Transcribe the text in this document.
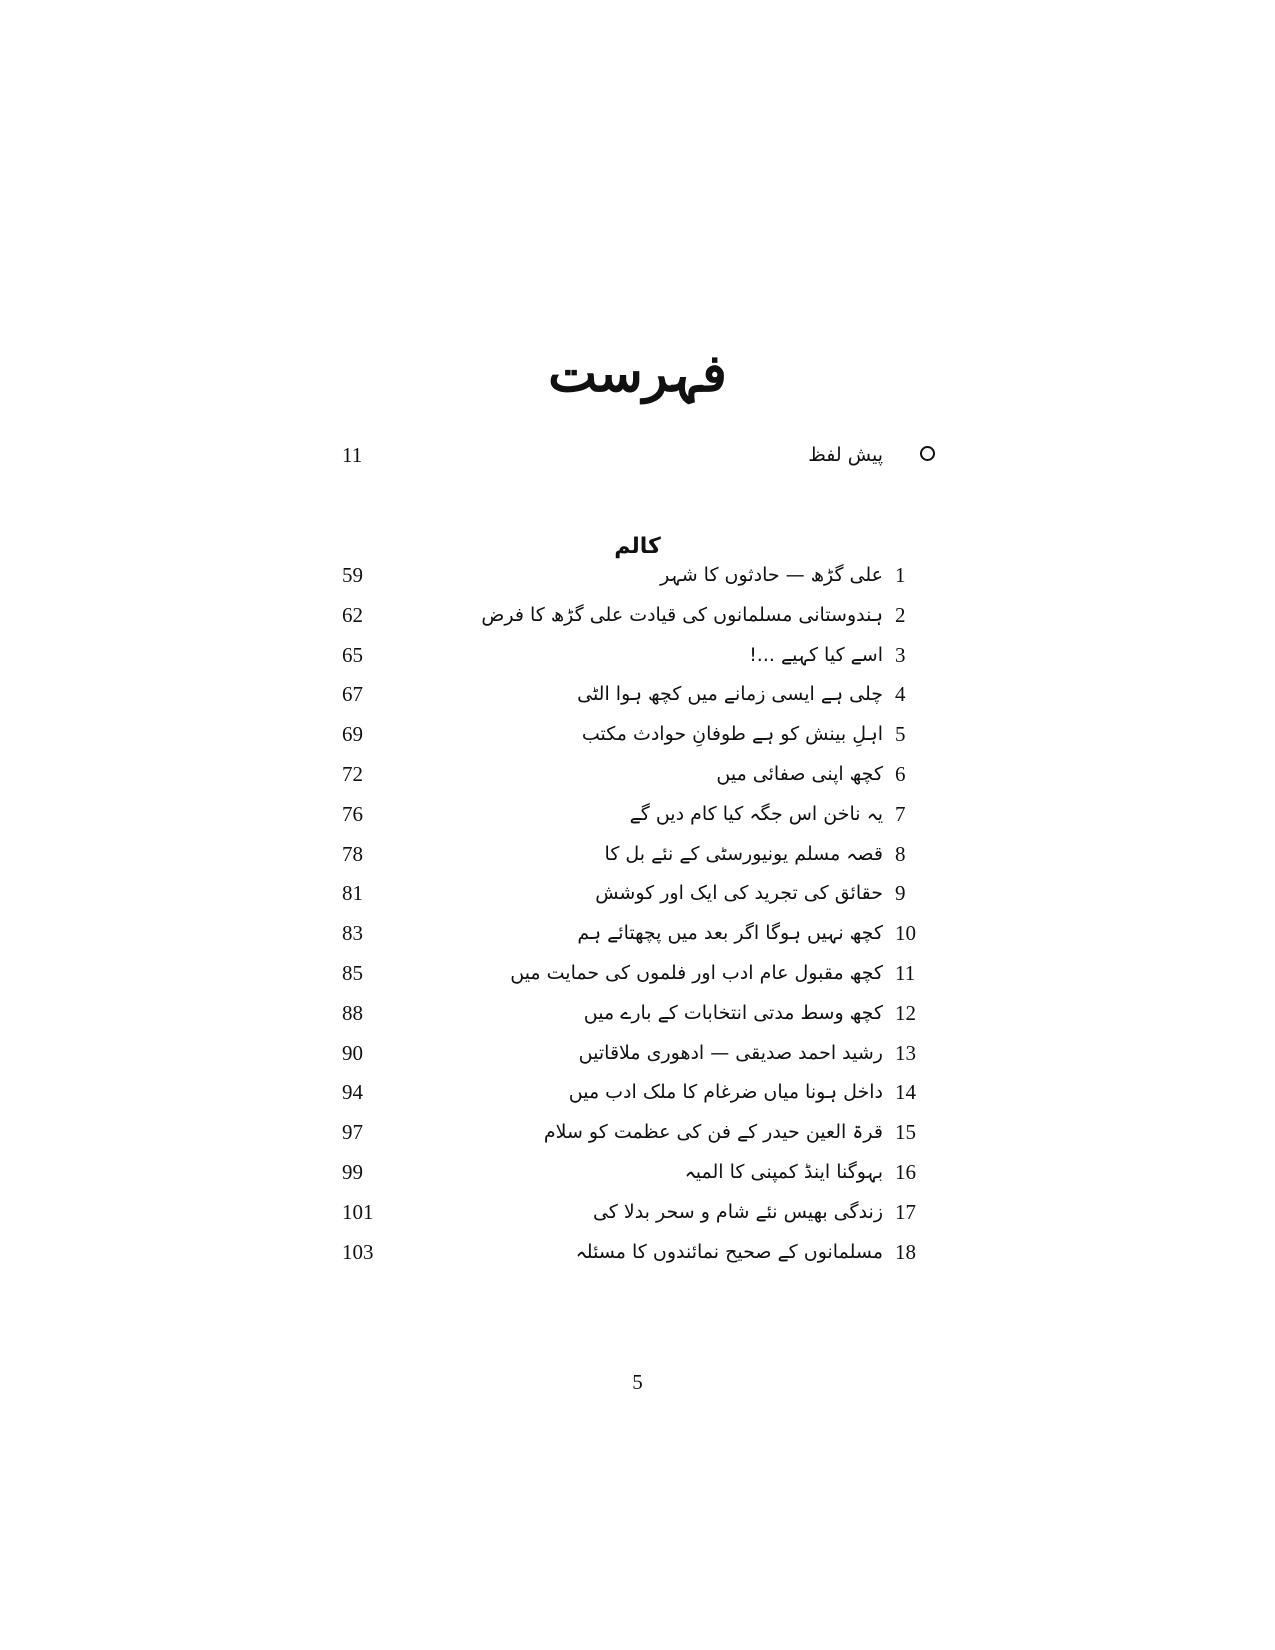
فہرست
پیش لفظ
11
کالم
1
علی گڑھ — حادثوں کا شہر
59
2
ہندوستانی مسلمانوں کی قیادت علی گڑھ کا فرض
62
3
اسے کیا کہیے ...!
65
4
چلی ہے ایسی زمانے میں کچھ ہوا الٹی
67
5
اہلِ بینش کو ہے طوفانِ حوادث مکتب
69
6
کچھ اپنی صفائی میں
72
7
یہ ناخن اس جگہ کیا کام دیں گے
76
8
قصہ مسلم یونیورسٹی کے نئے بل کا
78
9
حقائق کی تجرید کی ایک اور کوشش
81
10
کچھ نہیں ہوگا اگر بعد میں پچھتائے ہم
83
11
کچھ مقبول عام ادب اور فلموں کی حمایت میں
85
12
کچھ وسط مدتی انتخابات کے بارے میں
88
13
رشید احمد صدیقی — ادھوری ملاقاتیں
90
14
داخل ہونا میاں ضرغام کا ملک ادب میں
94
15
قرۃ العین حیدر کے فن کی عظمت کو سلام
97
16
بہوگنا اینڈ کمپنی کا المیہ
99
17
زندگی بھیس نئے شام و سحر بدلا کی
101
18
مسلمانوں کے صحیح نمائندوں کا مسئلہ
103
5
